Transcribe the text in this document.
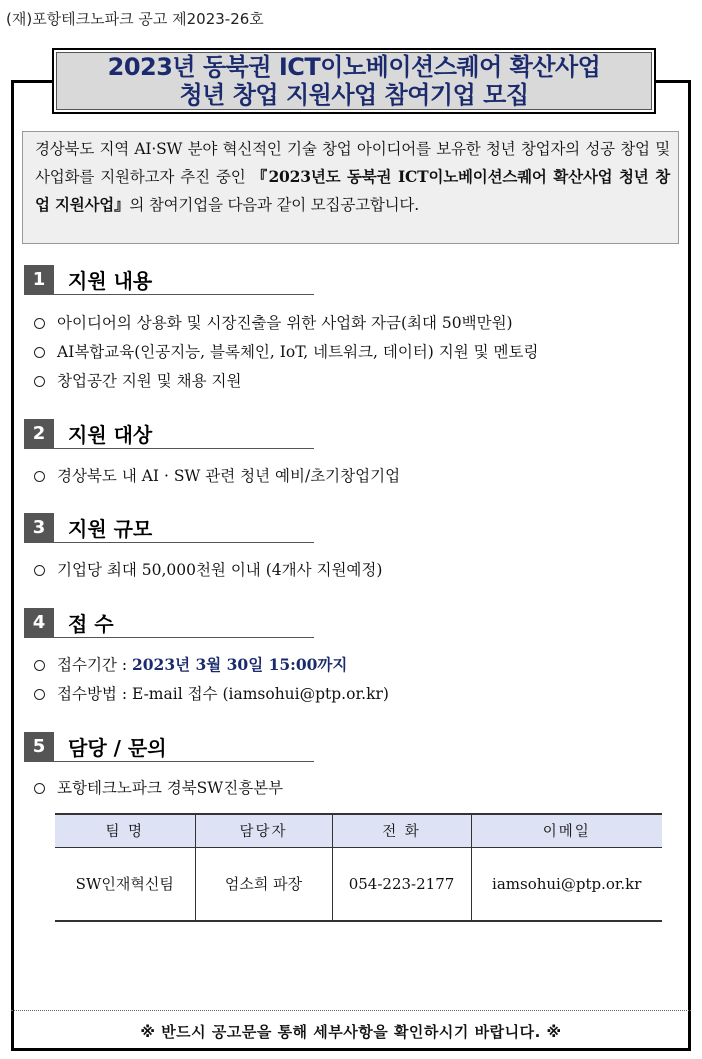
(재)포항테크노파크 공고 제2023-26호
2023년 동북권 ICT이노베이션스퀘어 확산사업
청년 창업 지원사업 참여기업 모집
경상북도 지역 AI·SW 분야 혁신적인 기술 창업 아이디어를 보유한 청년 창업자의 성공 창업 및 사업화를 지원하고자 추진 중인 『2023년도 동북권 ICT이노베이션스퀘어 확산사업 청년 창업 지원사업』의 참여기업을 다음과 같이 모집공고합니다.
1	지원 내용
아이디어의 상용화 및 시장진출을 위한 사업화 자금(최대 50백만원)
AI복합교육(인공지능, 블록체인, IoT, 네트워크, 데이터) 지원 및 멘토링
창업공간 지원 및 채용 지원
2	지원 대상
경상북도 내 AI · SW 관련 청년 예비/초기창업기업
3	지원 규모
기업당 최대 50,000천원 이내 (4개사 지원예정)
4	접 수
접수기간 : 2023년 3월 30일 15:00까지
접수방법 : E-mail 접수 (iamsohui@ptp.or.kr)
5	담당 / 문의
포항테크노파크 경북SW진흥본부
팀 명	담당자	전 화	이메일
SW인재혁신팀	엄소희 파장	054-223-2177	iamsohui@ptp.or.kr
※ 반드시 공고문을 통해 세부사항을 확인하시기 바랍니다. ※
